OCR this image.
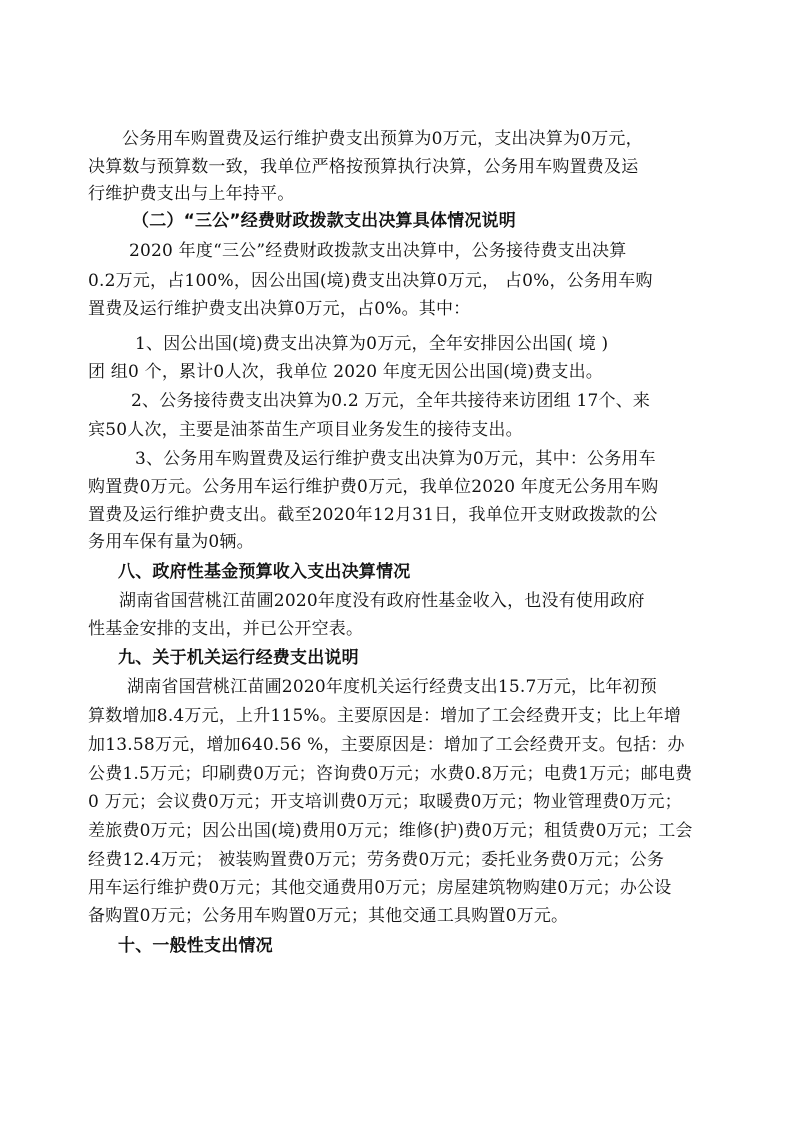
公务用车购置费及运行维护费支出预算为0万元，支出决算为0万元，
决算数与预算数一致，我单位严格按预算执行决算，公务用车购置费及运
行维护费支出与上年持平。
（二）“三公”经费财政拨款支出决算具体情况说明
2020 年度“三公”经费财政拨款支出决算中，公务接待费支出决算
0.2万元，占100%，因公出国(境)费支出决算0万元， 占0%，公务用车购
置费及运行维护费支出决算0万元，占0%。其中：
1、因公出国(境)费支出决算为0万元，全年安排因公出国( 境 )
团 组0 个，累计0人次，我单位 2020 年度无因公出国(境)费支出。
2、公务接待费支出决算为0.2 万元，全年共接待来访团组 17个、来
宾50人次，主要是油茶苗生产项目业务发生的接待支出。
3、公务用车购置费及运行维护费支出决算为0万元，其中：公务用车
购置费0万元。公务用车运行维护费0万元，我单位2020 年度无公务用车购
置费及运行维护费支出。截至2020年12月31日，我单位开支财政拨款的公
务用车保有量为0辆。
八、政府性基金预算收入支出决算情况
湖南省国营桃江苗圃2020年度没有政府性基金收入，也没有使用政府
性基金安排的支出，并已公开空表。
九、关于机关运行经费支出说明
湖南省国营桃江苗圃2020年度机关运行经费支出15.7万元，比年初预
算数增加8.4万元，上升115%。主要原因是：增加了工会经费开支；比上年增
加13.58万元，增加640.56 %，主要原因是：增加了工会经费开支。包括：办
公费1.5万元；印刷费0万元；咨询费0万元；水费0.8万元；电费1万元；邮电费
0 万元；会议费0万元；开支培训费0万元；取暖费0万元；物业管理费0万元；
差旅费0万元；因公出国(境)费用0万元；维修(护)费0万元；租赁费0万元；工会
经费12.4万元； 被装购置费0万元；劳务费0万元；委托业务费0万元；公务
用车运行维护费0万元；其他交通费用0万元；房屋建筑物购建0万元；办公设
备购置0万元；公务用车购置0万元；其他交通工具购置0万元。
十、一般性支出情况
